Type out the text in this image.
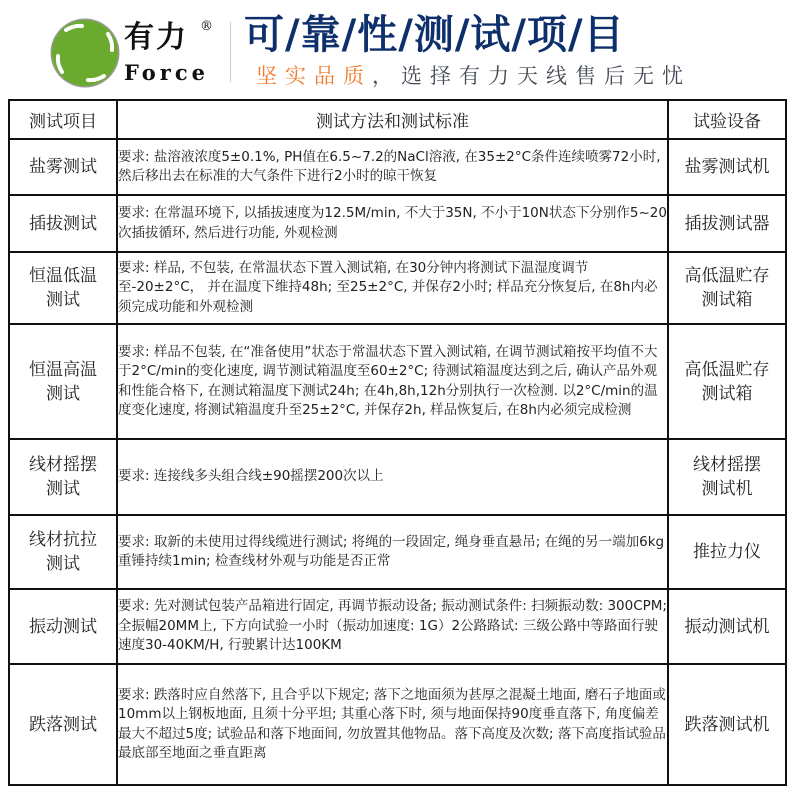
有力 ®
Force
可/靠/性/测/试/项/目
坚实品质，选择有力天线售后无忧
测试项目	测试方法和测试标准	试验设备
盐雾测试	要求: 盐溶液浓度5±0.1%, PH值在6.5~7.2的NaCl溶液, 在35±2°C条件连续喷雾72小时, 然后移出去在标准的大气条件下进行2小时的晾干恢复	盐雾测试机
插拔测试	要求: 在常温环境下, 以插拔速度为12.5M/min, 不大于35N, 不小于10N状态下分别作5~20次插拔循环, 然后进行功能, 外观检测	插拔测试器

恒温低温测试	要求: 样品, 不包装, 在常温状态下置入测试箱, 在30分钟内将测试下温湿度调节至-20±2°C， 并在温度下维持48h; 至25±2°C, 并保存2小时; 样品充分恢复后, 在8h内必须完成功能和外观检测	高低温贮存测试箱

恒温高温测试	要求: 样品不包装, 在“准备使用”状态于常温状态下置入测试箱, 在调节测试箱按平均值不大于2°C/min的变化速度, 调节测试箱温度至60±2°C; 待测试箱温度达到之后, 确认产品外观和性能合格下, 在测试箱温度下测试24h; 在4h,8h,12h分别执行一次检测. 以2°C/min的温度变化速度, 将测试箱温度升至25±2°C, 并保存2h, 样品恢复后, 在8h内必须完成检测	高低温贮存测试箱

线材摇摆测试	要求: 连接线多头组合线±90摇摆200次以上	线材摇摆测试机

线材抗拉测试	要求: 取新的未使用过得线缆进行测试; 将绳的一段固定, 绳身垂直悬吊; 在绳的另一端加6kg重锤持续1min; 检查线材外观与功能是否正常	推拉力仪
振动测试	要求: 先对测试包装产品箱进行固定, 再调节振动设备; 振动测试条件: 扫频振动数: 300CPM; 全振幅20MM上, 下方向试验一小时（振动加速度: 1G）2公路路试: 三级公路中等路面行驶速度30-40KM/H, 行驶累计达100KM	振动测试机
跌落测试	要求: 跌落时应自然落下, 且合乎以下规定; 落下之地面须为甚厚之混凝土地面, 磨石子地面或10mm以上钢板地面, 且须十分平坦; 其重心落下时, 须与地面保持90度垂直落下, 角度偏差最大不超过5度; 试验品和落下地面间, 勿放置其他物品。落下高度及次数; 落下高度指试验品最底部至地面之垂直距离	跌落测试机
